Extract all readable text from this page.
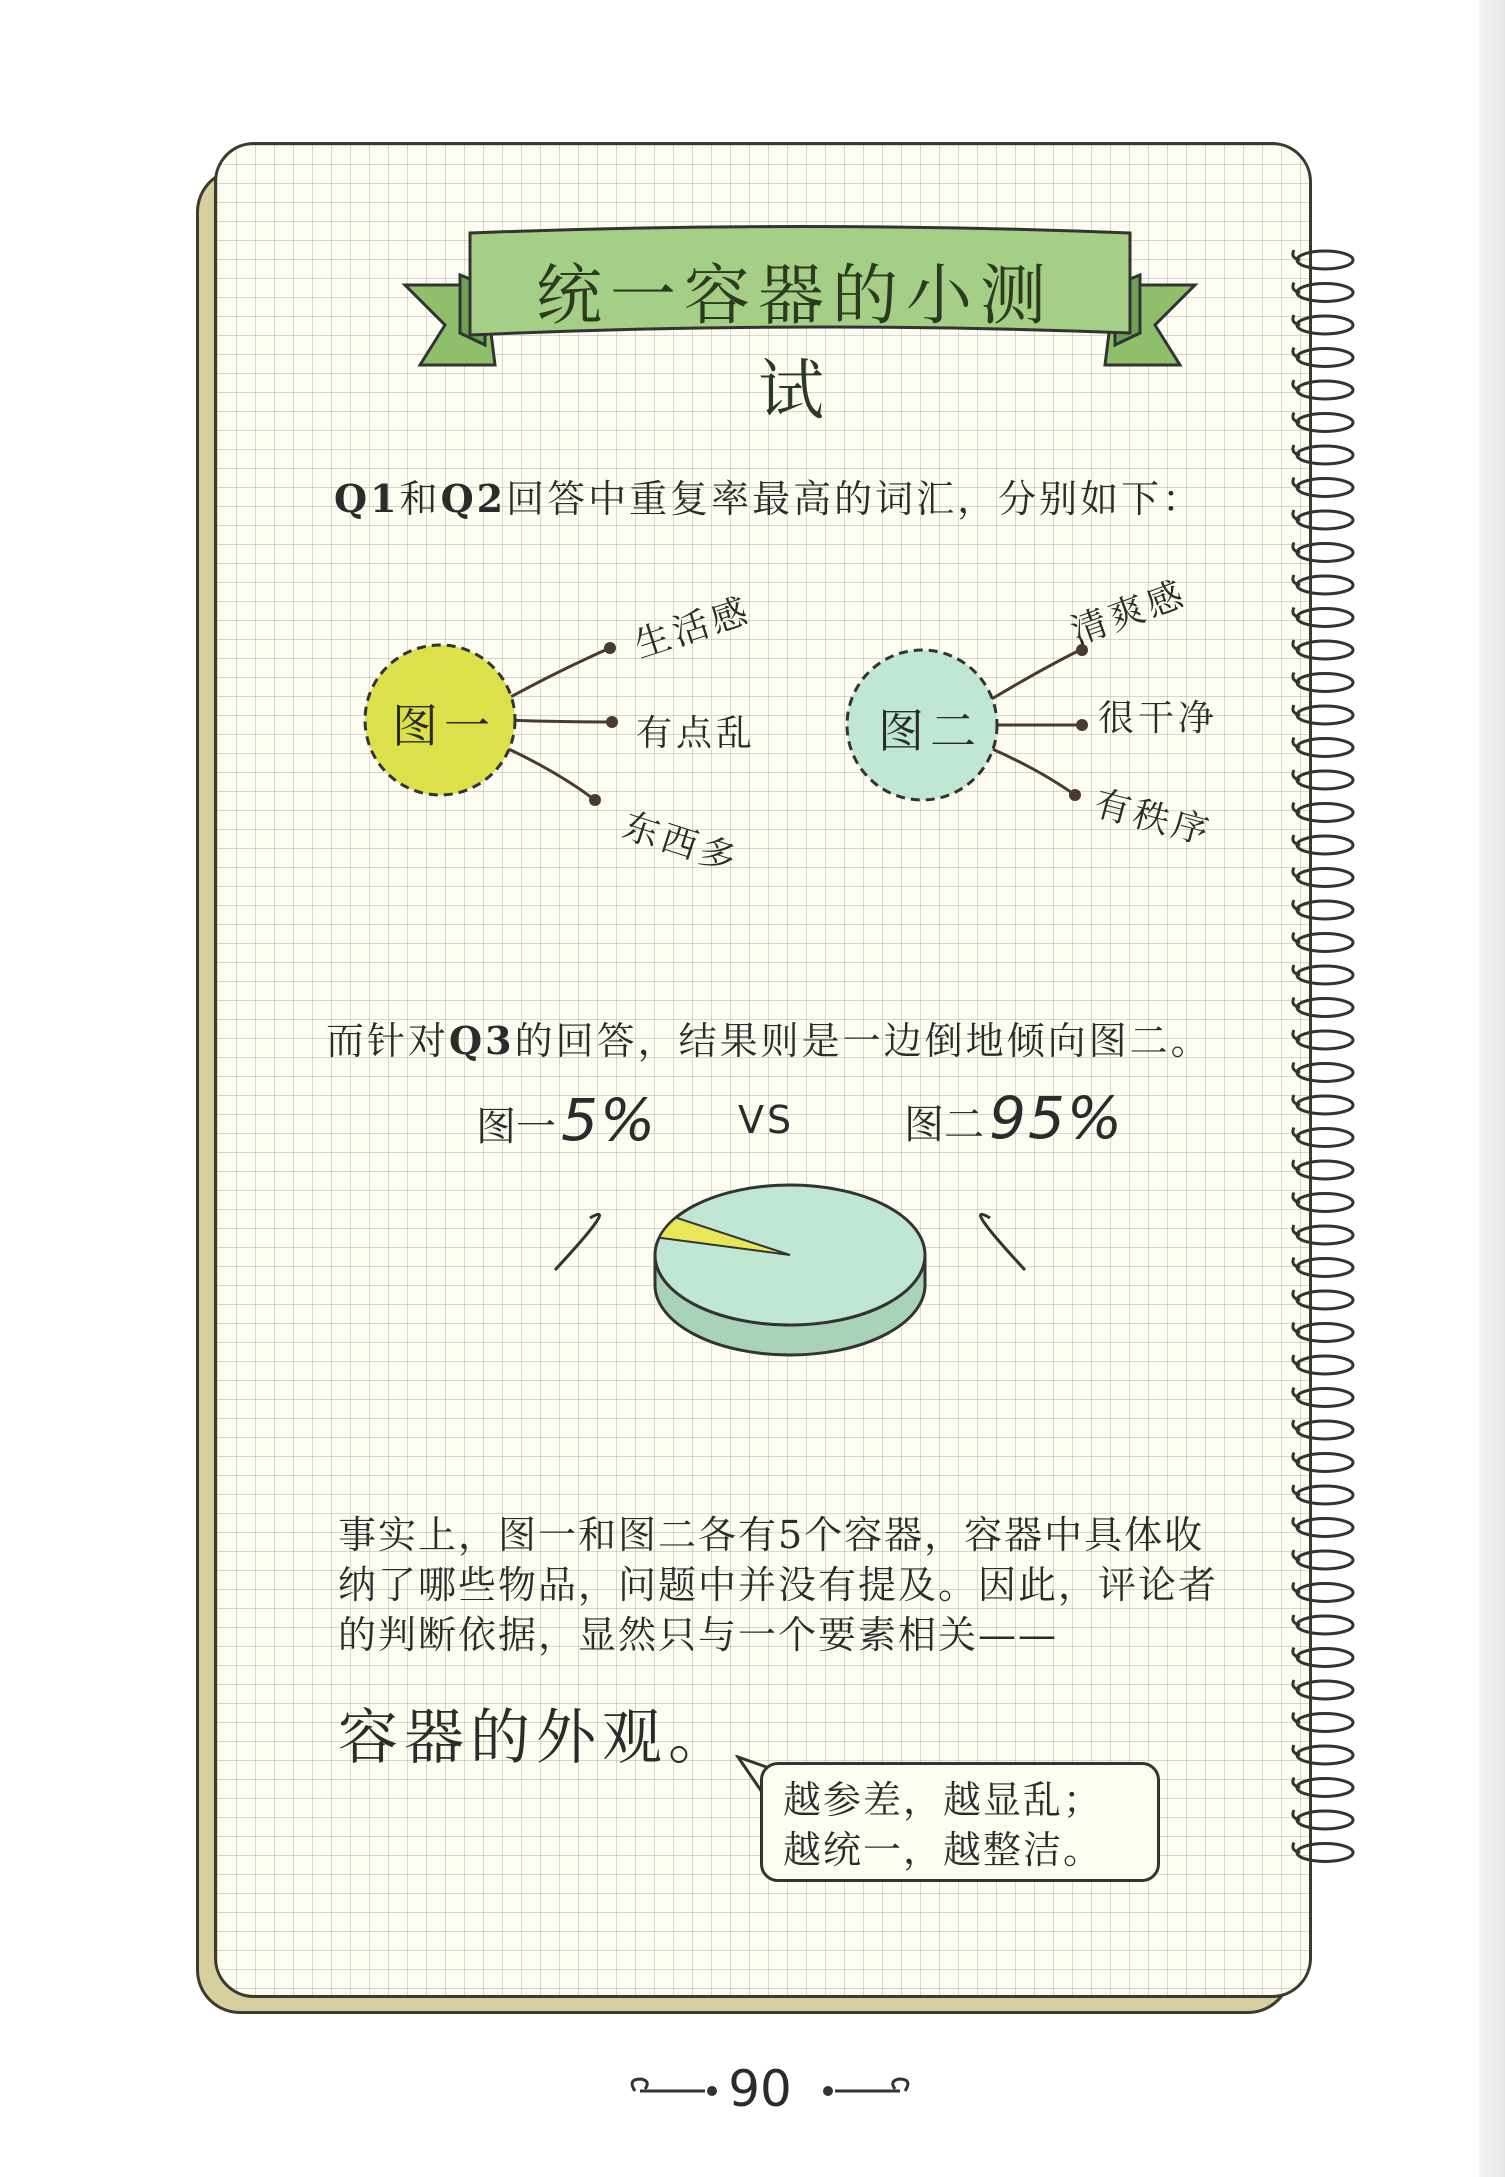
统一容器的小测试
Q1和Q2回答中重复率最高的词汇，分别如下：
图一	图二
生活感
有点乱
东西多
清爽感
很干净
有秩序
而针对Q3的回答，结果则是一边倒地倾向图二。
图一 5% VS	图二 95%
事实上，图一和图二各有5个容器，容器中具体收纳了哪些物品，问题中并没有提及。因此，评论者的判断依据，显然只与一个要素相关——
容器的外观。
越参差，越显乱；
越统一，越整洁。
90
